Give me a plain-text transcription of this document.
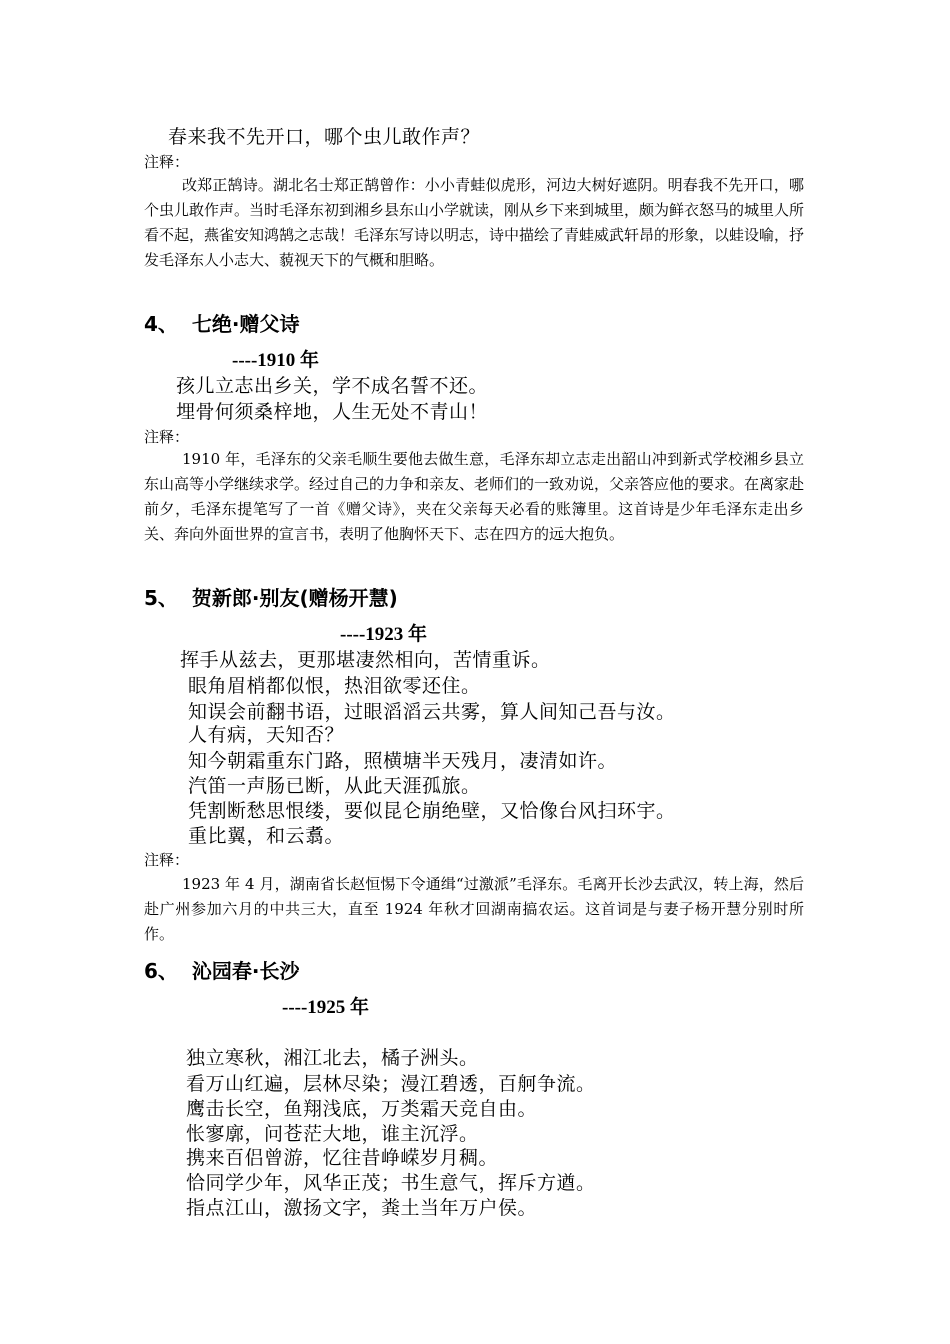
春来我不先开口，哪个虫儿敢作声？
注释：
改郑正鹄诗。湖北名士郑正鹄曾作：小小青蛙似虎形，河边大树好遮阴。明春我不先开口，哪个虫儿敢作声。当时毛泽东初到湘乡县东山小学就读，刚从乡下来到城里，颇为鲜衣怒马的城里人所看不起，燕雀安知鸿鹄之志哉！毛泽东写诗以明志，诗中描绘了青蛙威武轩昂的形象，以蛙设喻，抒发毛泽东人小志大、藐视天下的气概和胆略。
4、 七绝·赠父诗
----1910 年
孩儿立志出乡关，学不成名誓不还。
埋骨何须桑梓地，人生无处不青山！
注释：
1910 年，毛泽东的父亲毛顺生要他去做生意，毛泽东却立志走出韶山冲到新式学校湘乡县立东山高等小学继续求学。经过自己的力争和亲友、老师们的一致劝说，父亲答应他的要求。在离家赴前夕，毛泽东提笔写了一首《赠父诗》，夹在父亲每天必看的账簿里。这首诗是少年毛泽东走出乡关、奔向外面世界的宣言书，表明了他胸怀天下、志在四方的远大抱负。
5、 贺新郎·别友(赠杨开慧)
----1923 年
挥手从兹去，更那堪凄然相向，苦情重诉。
眼角眉梢都似恨，热泪欲零还住。
知误会前翻书语，过眼滔滔云共雾，算人间知己吾与汝。
人有病，天知否？
知今朝霜重东门路，照横塘半天残月，凄清如许。
汽笛一声肠已断，从此天涯孤旅。
凭割断愁思恨缕，要似昆仑崩绝壁，又恰像台风扫环宇。
重比翼，和云翥。
注释：
1923 年 4 月，湖南省长赵恒惕下令通缉“过激派”毛泽东。毛离开长沙去武汉，转上海，然后赴广州参加六月的中共三大，直至 1924 年秋才回湖南搞农运。这首词是与妻子杨开慧分别时所作。
6、 沁园春·长沙
----1925 年
独立寒秋，湘江北去，橘子洲头。
看万山红遍，层林尽染；漫江碧透，百舸争流。
鹰击长空，鱼翔浅底，万类霜天竞自由。
怅寥廓，问苍茫大地，谁主沉浮。
携来百侣曾游，忆往昔峥嵘岁月稠。
恰同学少年，风华正茂；书生意气，挥斥方遒。
指点江山，激扬文字，粪土当年万户侯。
